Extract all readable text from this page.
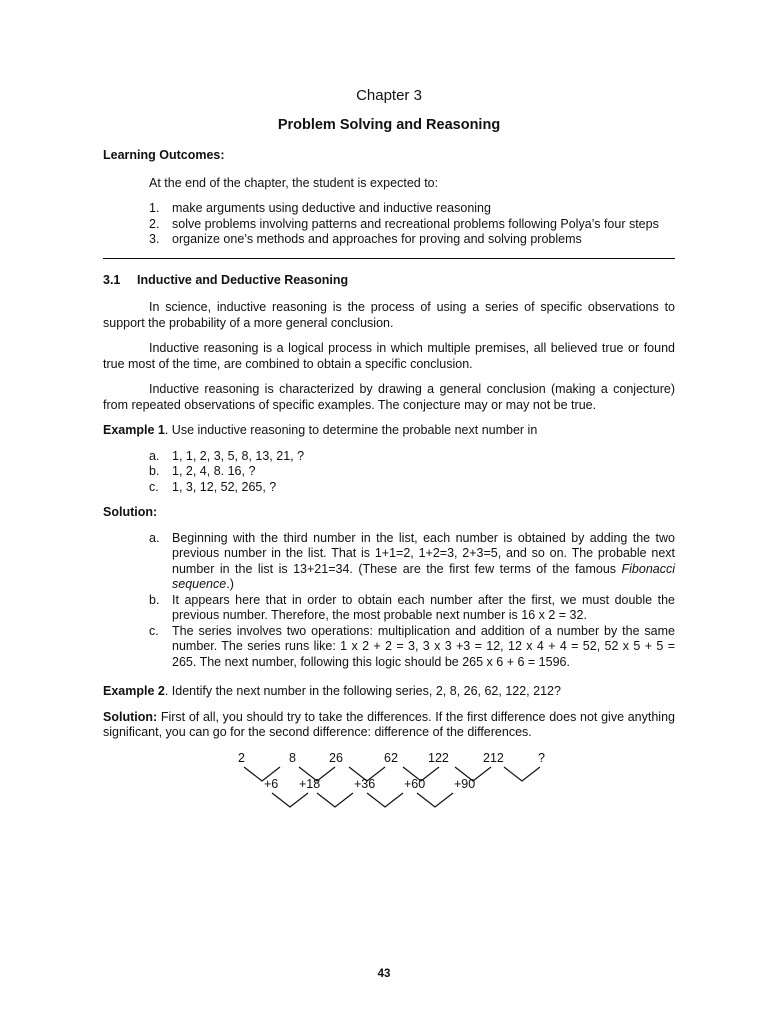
Chapter 3
Problem Solving and Reasoning
Learning Outcomes:
At the end of the chapter, the student is expected to:
1. make arguments using deductive and inductive reasoning
2. solve problems involving patterns and recreational problems following Polya’s four steps
3. organize one’s methods and approaches for proving and solving problems
3.1 Inductive and Deductive Reasoning

In science, inductive reasoning is the process of using a series of specific observations to support the probability of a more general conclusion.

Inductive reasoning is a logical process in which multiple premises, all believed true or found true most of the time, are combined to obtain a specific conclusion.

Inductive reasoning is characterized by drawing a general conclusion (making a conjecture) from repeated observations of specific examples. The conjecture may or may not be true.

Example 1. Use inductive reasoning to determine the probable next number in

a. 1, 1, 2, 3, 5, 8, 13, 21, ?
b. 1, 2, 4, 8. 16, ?
c. 1, 3, 12, 52, 265, ?
Solution:
a. Beginning with the third number in the list, each number is obtained by adding the two previous number in the list. That is 1+1=2, 1+2=3, 2+3=5, and so on. The probable next number in the list is 13+21=34. (These are the first few terms of the famous Fibonacci sequence.)
b. It appears here that in order to obtain each number after the first, we must double the previous number. Therefore, the most probable next number is 16 x 2 = 32.
c. The series involves two operations: multiplication and addition of a number by the same number. The series runs like: 1 x 2 + 2 = 3, 3 x 3 +3 = 12, 12 x 4 + 4 = 52, 52 x 5 + 5 = 265. The next number, following this logic should be 265 x 6 + 6 = 1596.

Example 2. Identify the next number in the following series, 2, 8, 26, 62, 122, 212?

Solution: First of all, you should try to take the differences. If the first difference does not give anything significant, you can go for the second difference: difference of the differences.

2	8	26	62 122	212	?
+6 +18	+36 +60 +90
43
